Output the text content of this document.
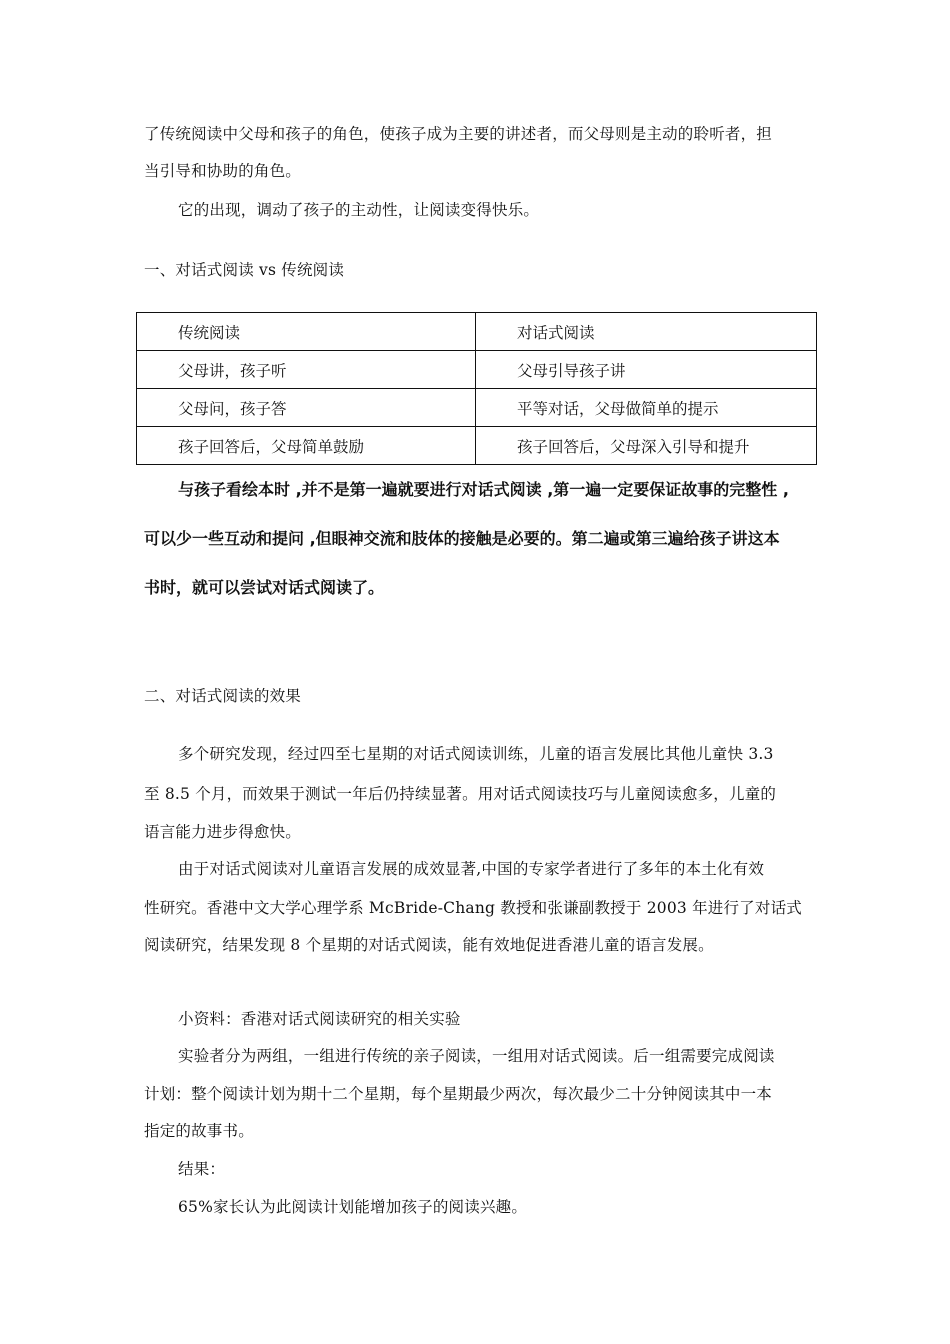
了传统阅读中父母和孩子的角色，使孩子成为主要的讲述者，而父母则是主动的聆听者，担
当引导和协助的角色。
它的出现，调动了孩子的主动性，让阅读变得快乐。
一、对话式阅读 vs 传统阅读
传统阅读	对话式阅读
父母讲，孩子听	父母引导孩子讲
父母问，孩子答	平等对话，父母做简单的提示
孩子回答后，父母简单鼓励	孩子回答后，父母深入引导和提升
与孩子看绘本时 ,并不是第一遍就要进行对话式阅读 ,第一遍一定要保证故事的完整性 ,
可以少一些互动和提问 ,但眼神交流和肢体的接触是必要的。第二遍或第三遍给孩子讲这本
书时，就可以尝试对话式阅读了。
二、对话式阅读的效果
多个研究发现，经过四至七星期的对话式阅读训练，儿童的语言发展比其他儿童快 3.3
至 8.5 个月，而效果于测试一年后仍持续显著。用对话式阅读技巧与儿童阅读愈多，儿童的
语言能力进步得愈快。
由于对话式阅读对儿童语言发展的成效显著,中国的专家学者进行了多年的本土化有效
性研究。香港中文大学心理学系 McBride-Chang 教授和张谦副教授于 2003 年进行了对话式
阅读研究，结果发现 8 个星期的对话式阅读，能有效地促进香港儿童的语言发展。
小资料：香港对话式阅读研究的相关实验
实验者分为两组，一组进行传统的亲子阅读，一组用对话式阅读。后一组需要完成阅读
计划：整个阅读计划为期十二个星期，每个星期最少两次，每次最少二十分钟阅读其中一本
指定的故事书。
结果：
65%家长认为此阅读计划能增加孩子的阅读兴趣。
